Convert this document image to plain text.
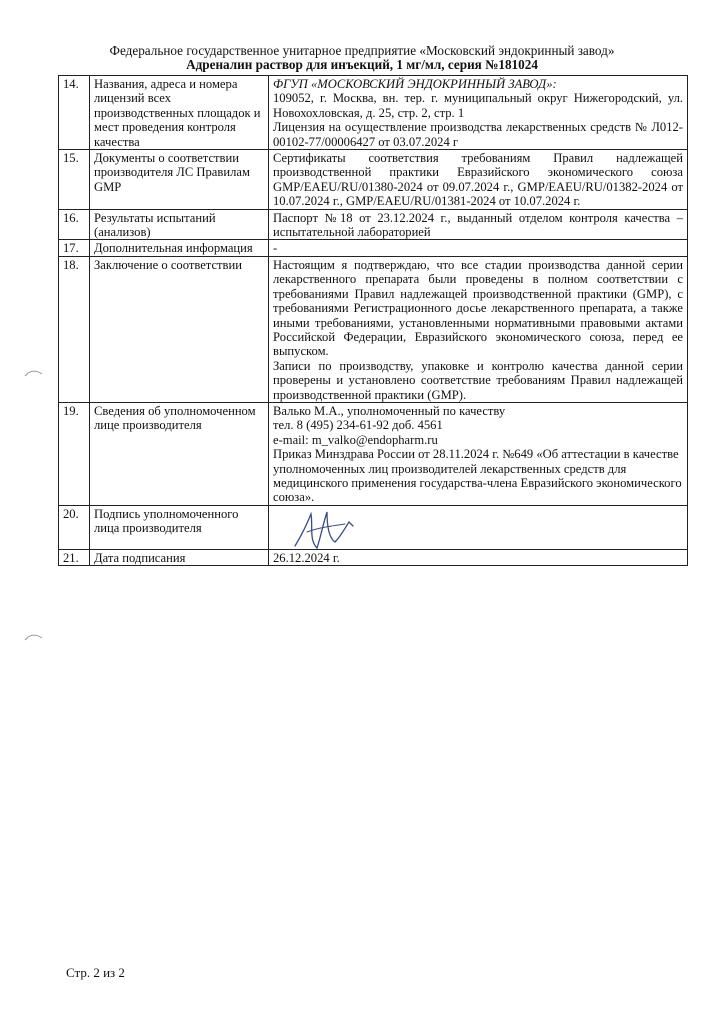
Федеральное государственное унитарное предприятие «Московский эндокринный завод»
Адреналин раствор для инъекций, 1 мг/мл, серия №181024
14.	Названия, адреса и номера лицензий всех производственных площадок и мест проведения контроля качества	ФГУП «МОСКОВСКИЙ ЭНДОКРИННЫЙ ЗАВОД»:
109052, г. Москва, вн. тер. г. муниципальный округ Нижегородский, ул. Новохохловская, д. 25, стр. 2, стр. 1
Лицензия на осуществление производства лекарственных средств № Л012-00102-77/00006427 от 03.07.2024 г

15.	Документы о соответствии производителя ЛС Правилам GMP	Сертификаты соответствия требованиям Правил надлежащей производственной практики Евразийского экономического союза GMP/EAEU/RU/01380-2024 от 09.07.2024 г., GMP/EAEU/RU/01382-2024 от 10.07.2024 г., GMP/EAEU/RU/01381-2024 от 10.07.2024 г.
16.	Результаты испытаний (анализов)	Паспорт №18 от 23.12.2024 г., выданный отделом контроля качества – испытательной лабораторией
17.	Дополнительная информация	-
18.	Заключение о соответствии	Настоящим я подтверждаю, что все стадии производства данной серии лекарственного препарата были проведены в полном соответствии с требованиями Правил надлежащей производственной практики (GMP), с требованиями Регистрационного досье лекарственного препарата, а также иными требованиями, установленными нормативными правовыми актами Российской Федерации, Евразийского экономического союза, перед ее выпуском.
Записи по производству, упаковке и контролю качества данной серии проверены и установлено соответствие требованиям Правил надлежащей производственной практики (GMP).

19.	Сведения об уполномоченном лице производителя	Валько М.А., уполномоченный по качеству
тел. 8 (495) 234-61-92 доб. 4561
e-mail: m_valko@endopharm.ru
Приказ Минздрава России от 28.11.2024 г. №649 «Об аттестации в качестве уполномоченных лиц производителей лекарственных средств для медицинского применения государства-члена Евразийского экономического союза».

20.	Подпись уполномоченного лица производителя	

21.	Дата подписания	26.12.2024 г.
Стр. 2 из 2
